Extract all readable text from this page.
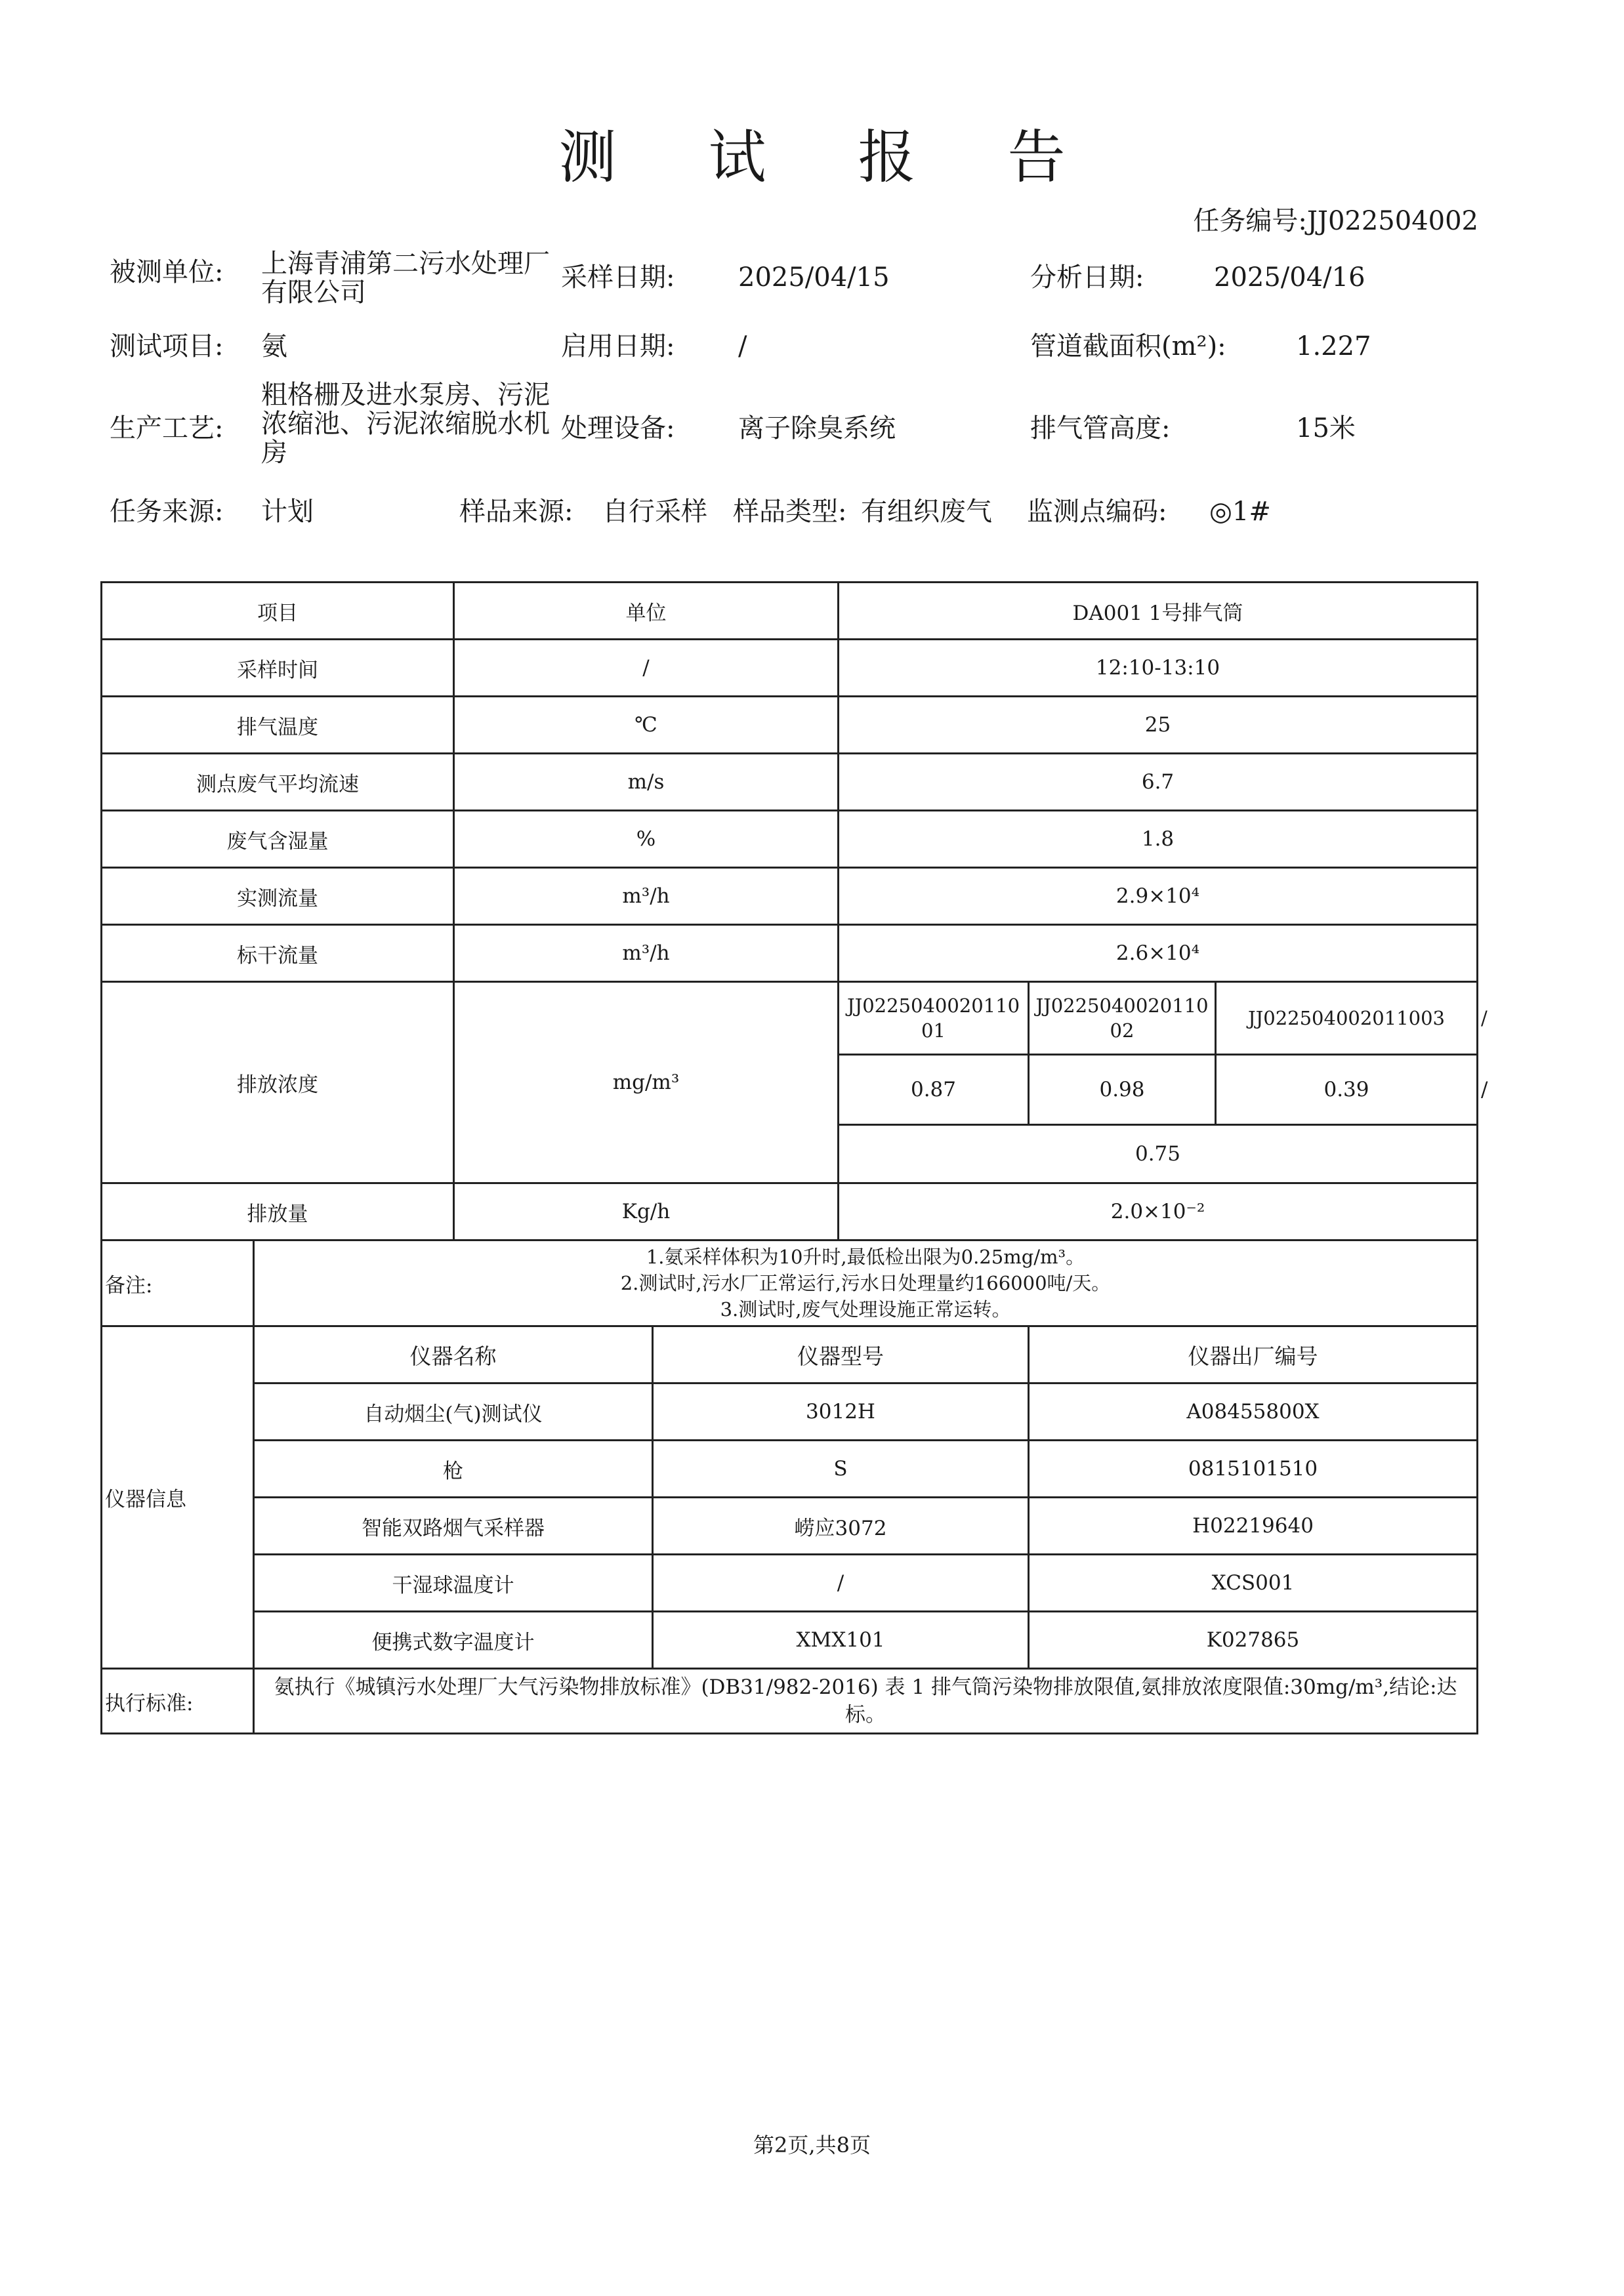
测 试 报 告
任务编号:JJ022504002
被测单位: 上海青浦第二污水处理厂有限公司	采样日期: 2025/04/15	分析日期:	2025/04/16
测试项目: 氨	启用日期: /	管道截面积(m²):	1.227
生产工艺:
粗格栅及进水泵房、污泥浓缩池、污泥浓缩脱水机房
处理设备: 离子除臭系统	排气管高度:	15米
任务来源: 计划	样品来源: 自行采样 样品类型: 有组织废气 监测点编码: ◎1#
项目		单位		DA001 1号排气筒			
采样时间		/		12:10-13:10			
排气温度		℃		25			
测点废气平均流速		m/s		6.7			
废气含湿量		%		1.8			
实测流量		m³/h		2.9×10⁴			
标干流量		m³/h		2.6×10⁴			
排放浓度		mg/m³		JJ022504002011001	JJ022504002011002	JJ022504002011003	/
				0.87	0.98	0.39	/
				0.75			
排放量		Kg/h		2.0×10⁻²			
备注:	1.氨采样体积为10升时,最低检出限为0.25mg/m³。
2.测试时,污水厂正常运行,污水日处理量约166000吨/天。
3.测试时,废气处理设施正常运转。						

仪器信息	仪器名称		仪器型号		仪器出厂编号		
	自动烟尘(气)测试仪		3012H		A08455800X		
	枪		S		0815101510		
	智能双路烟气采样器		崂应3072		H02219640		
	干湿球温度计		/		XCS001		
	便携式数字温度计		XMX101		K027865		
执行标准:	氨执行《城镇污水处理厂大气污染物排放标准》(DB31/982-2016) 表 1 排气筒污染物排放限值,氨排放浓度限值:30mg/m³,结论:达标。						
第2页,共8页
